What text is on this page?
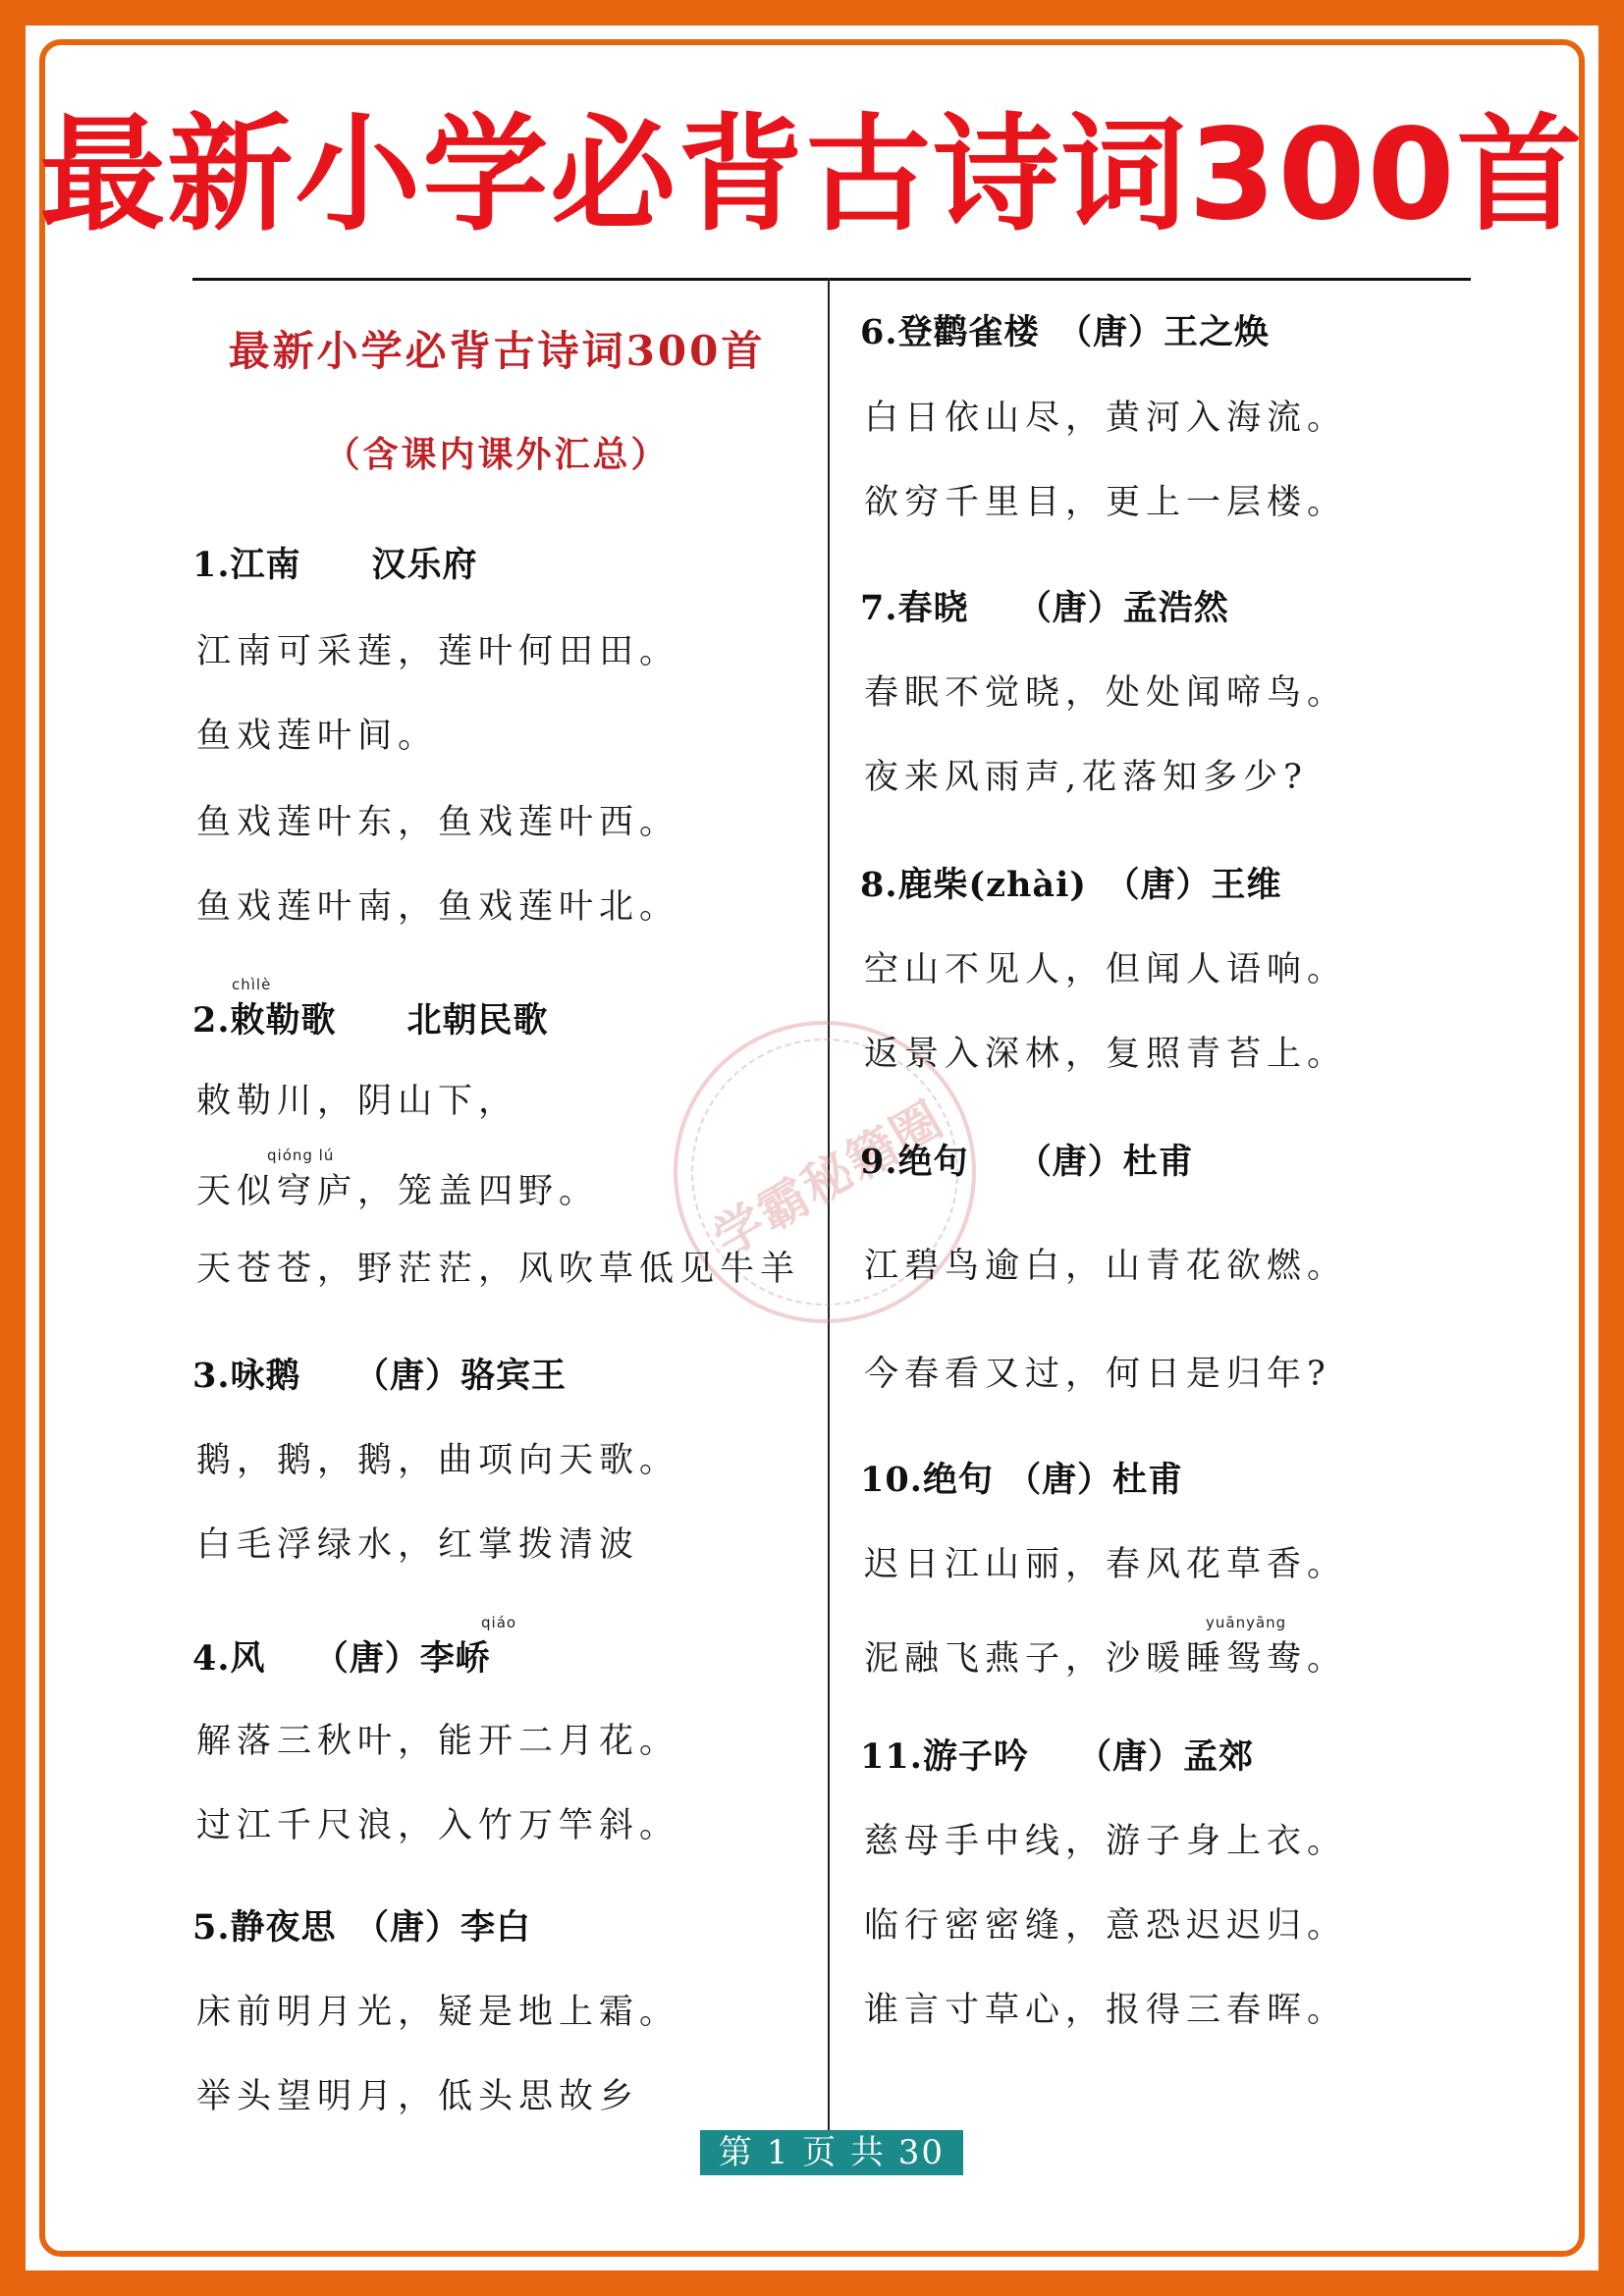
最新小学必背古诗词300首
最新小学必背古诗词300首
（含课内课外汇总）
学霸秘籍圈
1.江南　　汉乐府
江南可采莲，莲叶何田田。
鱼戏莲叶间。
鱼戏莲叶东，鱼戏莲叶西。
鱼戏莲叶南，鱼戏莲叶北。
chìlè
2.敕勒歌　　北朝民歌
敕勒川，阴山下，
qióng lú
天似穹庐，笼盖四野。
天苍苍，野茫茫，风吹草低见牛羊
3.咏鹅　　（唐）骆宾王
鹅，鹅，鹅，曲项向天歌。
白毛浮绿水，红掌拨清波
qiáo
4.风　 （唐）李峤
解落三秋叶，能开二月花。
过江千尺浪，入竹万竿斜。
5.静夜思　（唐）李白
床前明月光，疑是地上霜。
举头望明月，低头思故乡
6.登鹳雀楼　（唐）王之焕
白日依山尽，黄河入海流。
欲穷千里目，更上一层楼。
7.春晓　 （唐）孟浩然
春眠不觉晓，处处闻啼鸟。
夜来风雨声,花落知多少?
8.鹿柴(zhài)　（唐）王维
空山不见人，但闻人语响。
返景入深林，复照青苔上。
9.绝句　 （唐）杜甫
江碧鸟逾白，山青花欲燃。
今春看又过，何日是归年?
10.绝句 （唐）杜甫
迟日江山丽，春风花草香。
yuānyāng
泥融飞燕子，沙暖睡鸳鸯。
11.游子吟　 （唐）孟郊
慈母手中线，游子身上衣。
临行密密缝，意恐迟迟归。
谁言寸草心，报得三春晖。
第 1 页 共 30 页
